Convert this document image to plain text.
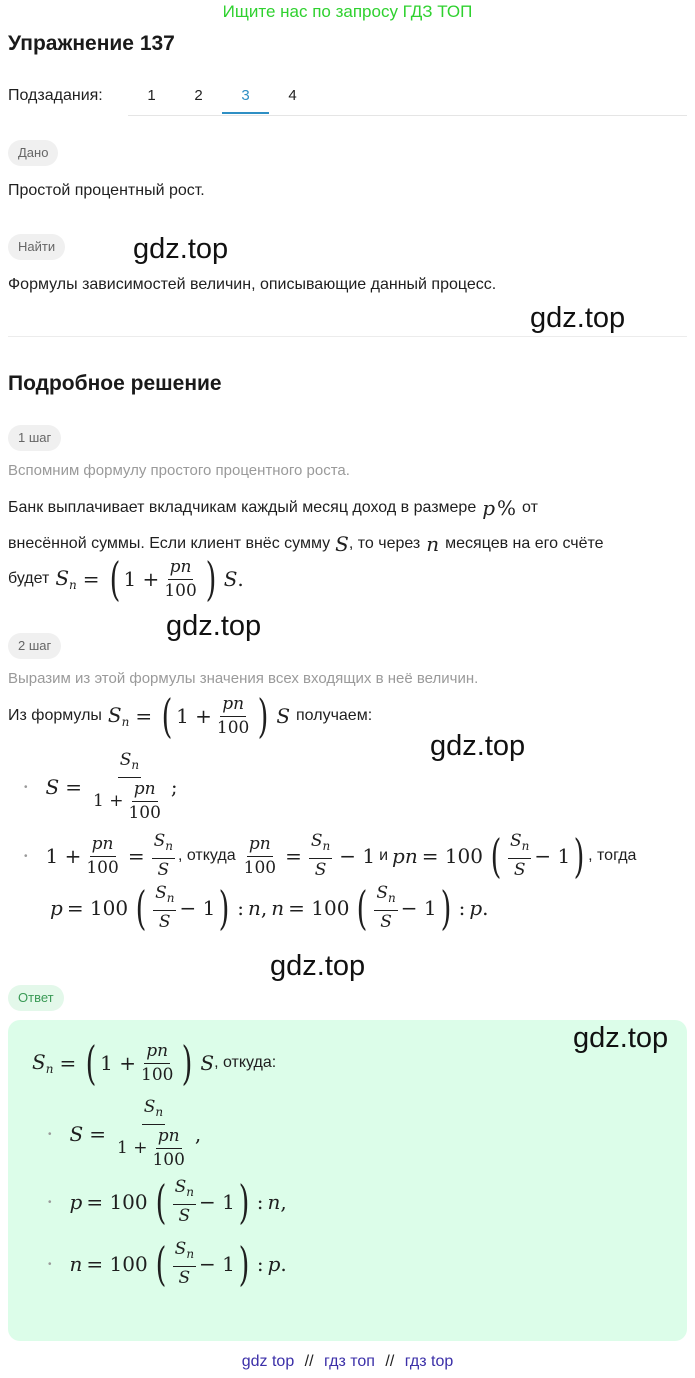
Ищите нас по запросу ГДЗ ТОП
Упражнение 137
Подзадания:	1	2	3	4
Дано
Простой процентный рост.
Найти
Формулы зависимостей величин, описывающие данный процесс.
gdz.top
gdz.top
Подробное решение
1 шаг
Вспомним формулу простого процентного роста.
Банк выплачивает вкладчикам каждый месяц доход в размере p % от
внесённой суммы. Если клиент внёс сумму S , то через n месяцев на его счёте
будет $S_n$ = ( $1 + \frac{pn}{100}$ ) S .
gdz.top
2 шаг
Выразим из этой формулы значения всех входящих в неё величин.
Из формулы $S_n$ = ( $1 + \frac{pn}{100}$ ) S получаем:
gdz.top
• $S = \frac{S_n}{1 + \frac{pn}{100}}$ ;
• $1 + \frac{pn}{100} = \frac{S_n}{S}$ , откуда $\frac{pn}{100} = \frac{S_n}{S} - 1$ и pn = 100 ( $\frac{S_n}{S} - 1$ ) , тогда
p = 100 ( $\frac{S_n}{S} - 1$ ) : n , n = 100 ( $\frac{S_n}{S} - 1$ ) : p .
gdz.top
Ответ
gdz.top
$S_n$ = ( $1 + \frac{pn}{100}$ ) S , откуда:
• $S = \frac{S_n}{1 + \frac{pn}{100}}$ ,
• p = 100 ( $\frac{S_n}{S} - 1$ ) : n ,
• n = 100 ( $\frac{S_n}{S} - 1$ ) : p .
gdz top // гдз топ // гдз top
